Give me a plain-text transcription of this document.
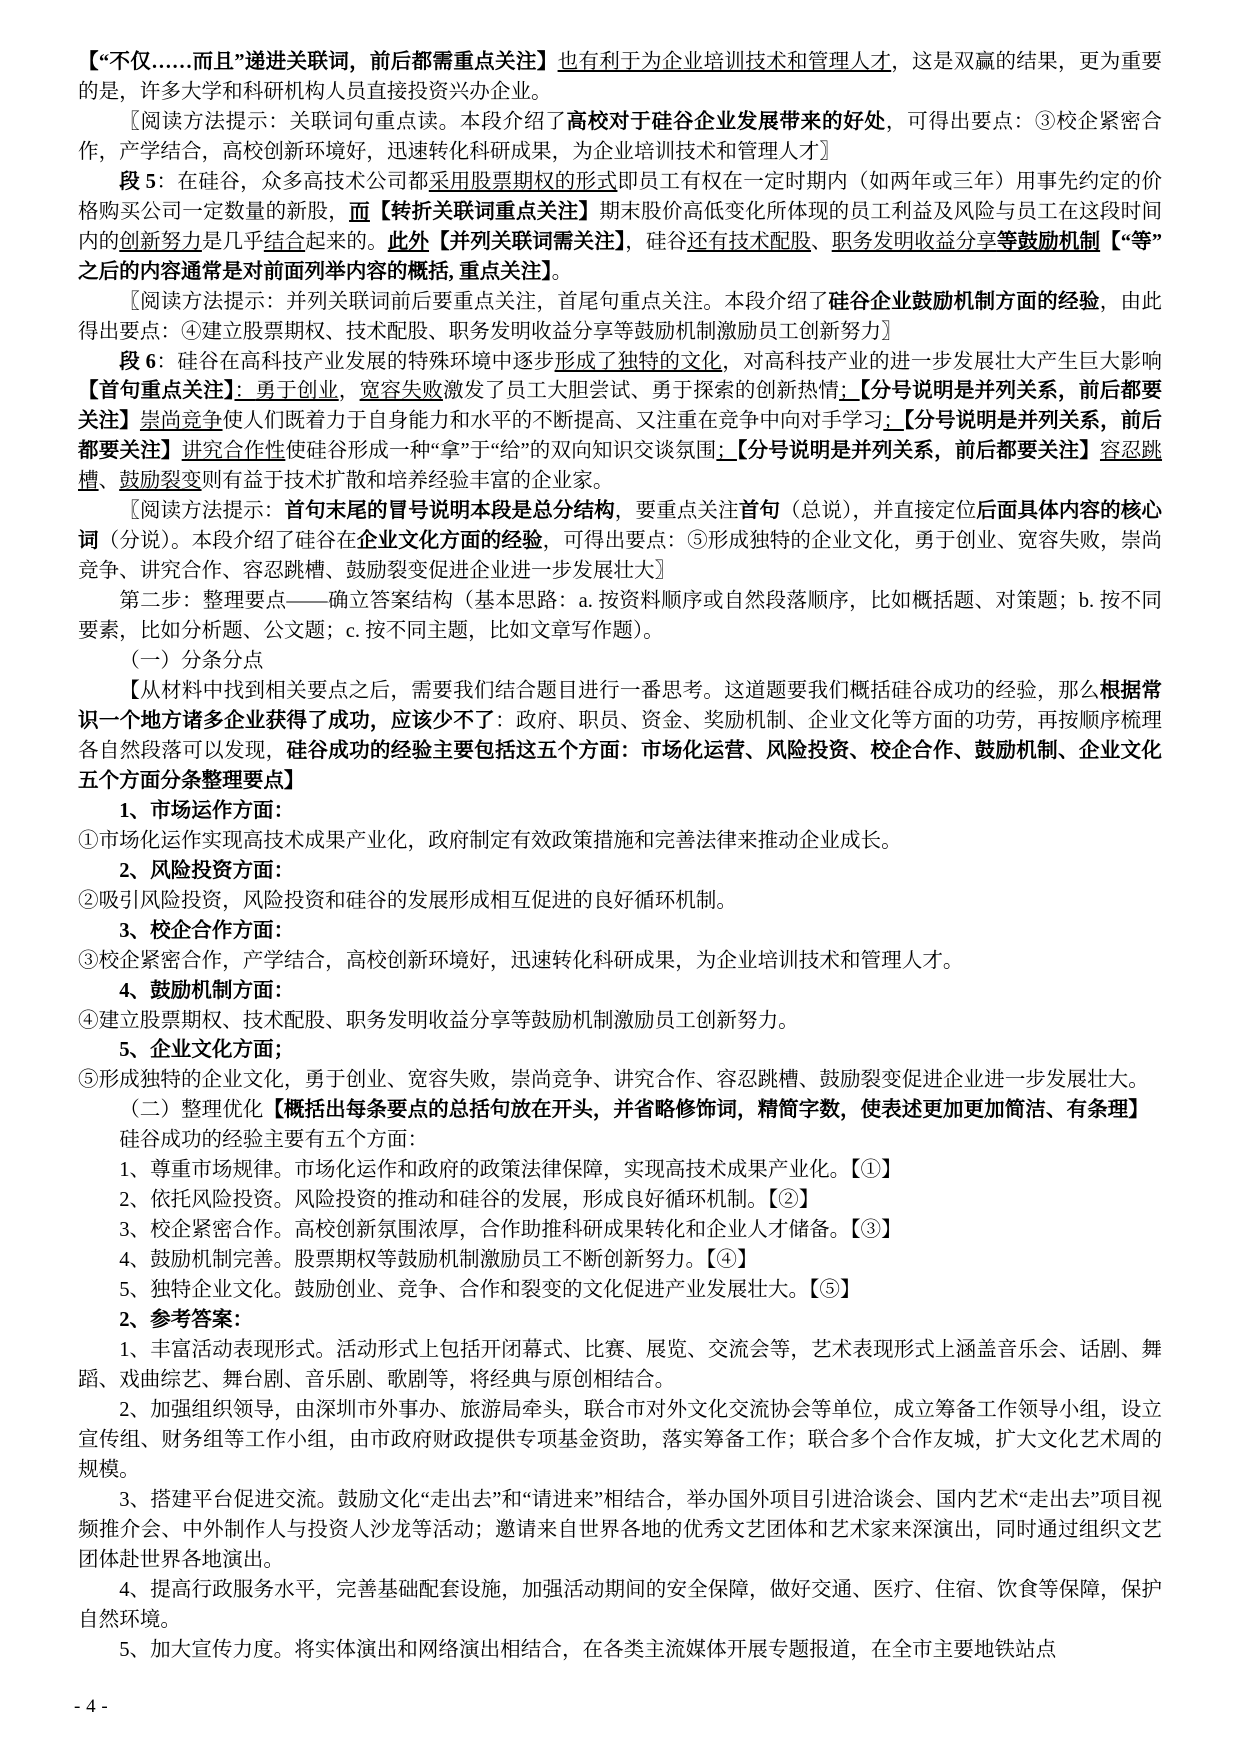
【“不仅……而且”递进关联词，前后都需重点关注】也有利于为企业培训技术和管理人才，这是双赢的结果，更为重要的是，许多大学和科研机构人员直接投资兴办企业。

〖阅读方法提示：关联词句重点读。本段介绍了高校对于硅谷企业发展带来的好处，可得出要点：③校企紧密合作，产学结合，高校创新环境好，迅速转化科研成果，为企业培训技术和管理人才〗

段 5：在硅谷，众多高技术公司都采用股票期权的形式即员工有权在一定时期内（如两年或三年）用事先约定的价格购买公司一定数量的新股，而【转折关联词重点关注】期末股价高低变化所体现的员工利益及风险与员工在这段时间内的创新努力是几乎结合起来的。此外【并列关联词需关注】，硅谷还有技术配股、职务发明收益分享等鼓励机制【“等”之后的内容通常是对前面列举内容的概括, 重点关注】。

〖阅读方法提示：并列关联词前后要重点关注，首尾句重点关注。本段介绍了硅谷企业鼓励机制方面的经验，由此得出要点：④建立股票期权、技术配股、职务发明收益分享等鼓励机制激励员工创新努力〗

段 6：硅谷在高科技产业发展的特殊环境中逐步形成了独特的文化，对高科技产业的进一步发展壮大产生巨大影响【首句重点关注】：勇于创业，宽容失败激发了员工大胆尝试、勇于探索的创新热情；【分号说明是并列关系，前后都要关注】崇尚竞争使人们既着力于自身能力和水平的不断提高、又注重在竞争中向对手学习；【分号说明是并列关系，前后都要关注】讲究合作性使硅谷形成一种“拿”于“给”的双向知识交谈氛围；【分号说明是并列关系，前后都要关注】容忍跳槽、鼓励裂变则有益于技术扩散和培养经验丰富的企业家。

〖阅读方法提示：首句末尾的冒号说明本段是总分结构，要重点关注首句（总说），并直接定位后面具体内容的核心词（分说）。本段介绍了硅谷在企业文化方面的经验，可得出要点：⑤形成独特的企业文化，勇于创业、宽容失败，崇尚竞争、讲究合作、容忍跳槽、鼓励裂变促进企业进一步发展壮大〗

第二步：整理要点——确立答案结构（基本思路：a. 按资料顺序或自然段落顺序，比如概括题、对策题；b. 按不同要素，比如分析题、公文题；c. 按不同主题，比如文章写作题）。

（一）分条分点

【从材料中找到相关要点之后，需要我们结合题目进行一番思考。这道题要我们概括硅谷成功的经验，那么根据常识一个地方诸多企业获得了成功，应该少不了：政府、职员、资金、奖励机制、企业文化等方面的功劳，再按顺序梳理各自然段落可以发现，硅谷成功的经验主要包括这五个方面：市场化运营、风险投资、校企合作、鼓励机制、企业文化五个方面分条整理要点】

1、市场运作方面：

①市场化运作实现高技术成果产业化，政府制定有效政策措施和完善法律来推动企业成长。

2、风险投资方面：

②吸引风险投资，风险投资和硅谷的发展形成相互促进的良好循环机制。

3、校企合作方面：

③校企紧密合作，产学结合，高校创新环境好，迅速转化科研成果，为企业培训技术和管理人才。

4、鼓励机制方面：

④建立股票期权、技术配股、职务发明收益分享等鼓励机制激励员工创新努力。

5、企业文化方面；

⑤形成独特的企业文化，勇于创业、宽容失败，崇尚竞争、讲究合作、容忍跳槽、鼓励裂变促进企业进一步发展壮大。

（二）整理优化【概括出每条要点的总括句放在开头，并省略修饰词，精简字数，使表述更加更加简洁、有条理】

硅谷成功的经验主要有五个方面：

1、尊重市场规律。市场化运作和政府的政策法律保障，实现高技术成果产业化。【①】

2、依托风险投资。风险投资的推动和硅谷的发展，形成良好循环机制。【②】

3、校企紧密合作。高校创新氛围浓厚，合作助推科研成果转化和企业人才储备。【③】

4、鼓励机制完善。股票期权等鼓励机制激励员工不断创新努力。【④】

5、独特企业文化。鼓励创业、竞争、合作和裂变的文化促进产业发展壮大。【⑤】

2、参考答案：

1、丰富活动表现形式。活动形式上包括开闭幕式、比赛、展览、交流会等，艺术表现形式上涵盖音乐会、话剧、舞蹈、戏曲综艺、舞台剧、音乐剧、歌剧等，将经典与原创相结合。

2、加强组织领导，由深圳市外事办、旅游局牵头，联合市对外文化交流协会等单位，成立筹备工作领导小组，设立宣传组、财务组等工作小组，由市政府财政提供专项基金资助，落实筹备工作；联合多个合作友城，扩大文化艺术周的规模。

3、搭建平台促进交流。鼓励文化“走出去”和“请进来”相结合，举办国外项目引进洽谈会、国内艺术“走出去”项目视频推介会、中外制作人与投资人沙龙等活动；邀请来自世界各地的优秀文艺团体和艺术家来深演出，同时通过组织文艺团体赴世界各地演出。

4、提高行政服务水平，完善基础配套设施，加强活动期间的安全保障，做好交通、医疗、住宿、饮食等保障，保护自然环境。

5、加大宣传力度。将实体演出和网络演出相结合，在各类主流媒体开展专题报道，在全市主要地铁站点

- 4 -
